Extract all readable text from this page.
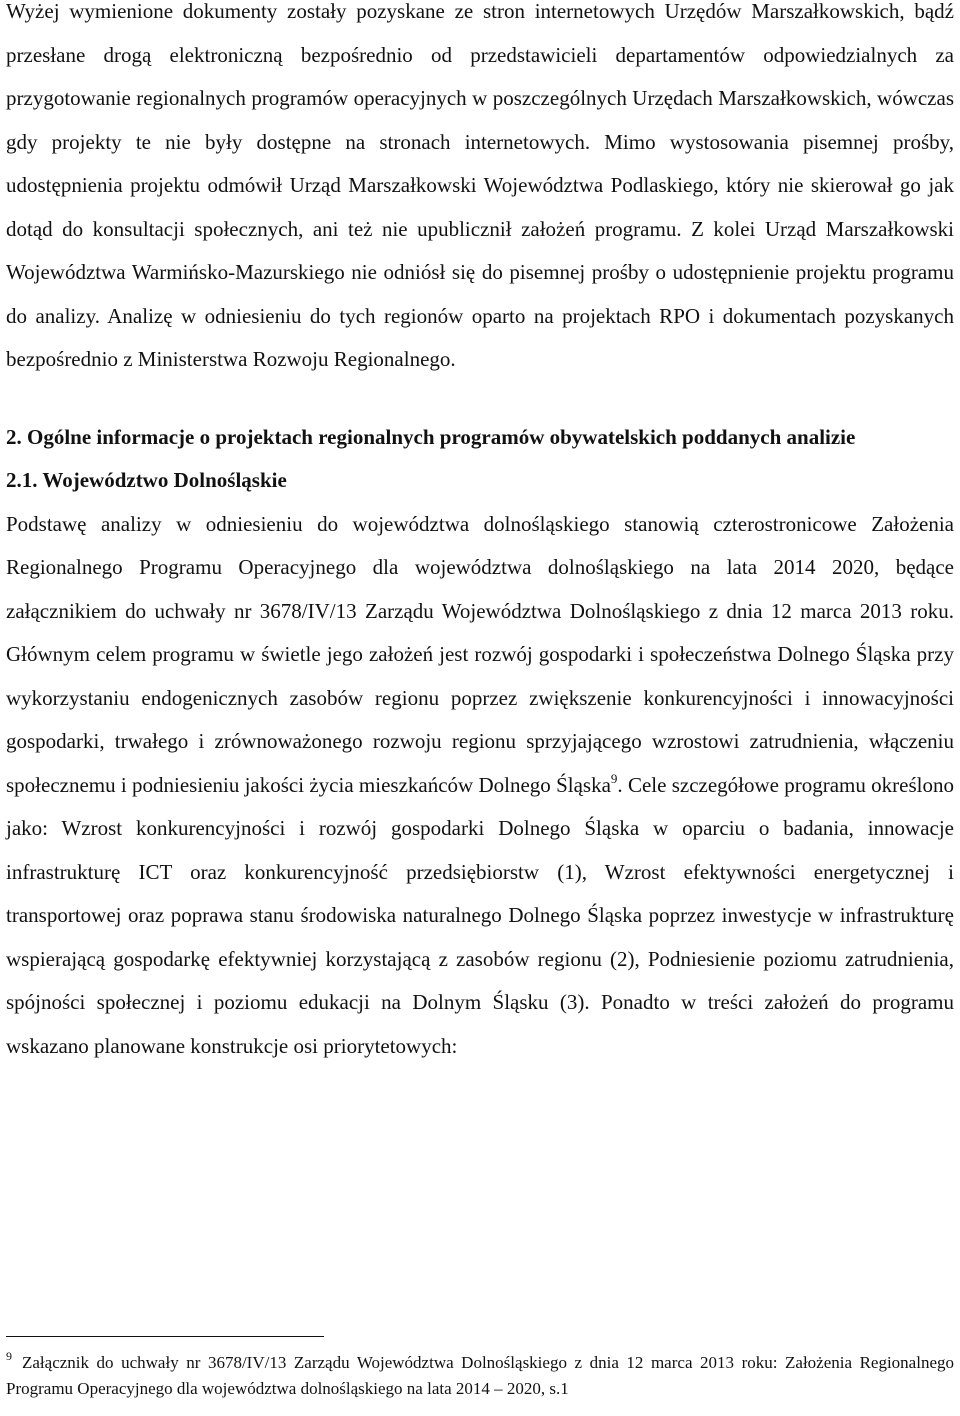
Wyżej wymienione dokumenty zostały pozyskane ze stron internetowych Urzędów Marszałkowskich, bądź przesłane drogą elektroniczną bezpośrednio od przedstawicieli departamentów odpowiedzialnych za przygotowanie regionalnych programów operacyjnych w poszczególnych Urzędach Marszałkowskich, wówczas gdy projekty te nie były dostępne na stronach internetowych. Mimo wystosowania pisemnej prośby, udostępnienia projektu odmówił Urząd Marszałkowski Województwa Podlaskiego, który nie skierował go jak dotąd do konsultacji społecznych, ani też nie upublicznił założeń programu. Z kolei Urząd Marszałkowski Województwa Warmińsko-Mazurskiego nie odniósł się do pisemnej prośby o udostępnienie projektu programu do analizy. Analizę w odniesieniu do tych regionów oparto na projektach RPO i dokumentach pozyskanych bezpośrednio z Ministerstwa Rozwoju Regionalnego.

2. Ogólne informacje o projektach regionalnych programów obywatelskich poddanych analizie
2.1. Województwo Dolnośląskie

Podstawę analizy w odniesieniu do województwa dolnośląskiego stanowią czterostronicowe Założenia Regionalnego Programu Operacyjnego dla województwa dolnośląskiego na lata 2014 2020, będące załącznikiem do uchwały nr 3678/IV/13 Zarządu Województwa Dolnośląskiego z dnia 12 marca 2013 roku. Głównym celem programu w świetle jego założeń jest rozwój gospodarki i społeczeństwa Dolnego Śląska przy wykorzystaniu endogenicznych zasobów regionu poprzez zwiększenie konkurencyjności i innowacyjności gospodarki, trwałego i zrównoważonego rozwoju regionu sprzyjającego wzrostowi zatrudnienia, włączeniu społecznemu i podniesieniu jakości życia mieszkańców Dolnego Śląska$^9$. Cele szczegółowe programu określono jako: Wzrost konkurencyjności i rozwój gospodarki Dolnego Śląska w oparciu o badania, innowacje infrastrukturę ICT oraz konkurencyjność przedsiębiorstw (1), Wzrost efektywności energetycznej i transportowej oraz poprawa stanu środowiska naturalnego Dolnego Śląska poprzez inwestycje w infrastrukturę wspierającą gospodarkę efektywniej korzystającą z zasobów regionu (2), Podniesienie poziomu zatrudnienia, spójności społecznej i poziomu edukacji na Dolnym Śląsku (3). Ponadto w treści założeń do programu wskazano planowane konstrukcje osi priorytetowych:

$^9$ Załącznik do uchwały nr 3678/IV/13 Zarządu Województwa Dolnośląskiego z dnia 12 marca 2013 roku: Założenia Regionalnego Programu Operacyjnego dla województwa dolnośląskiego na lata 2014 – 2020, s.1
